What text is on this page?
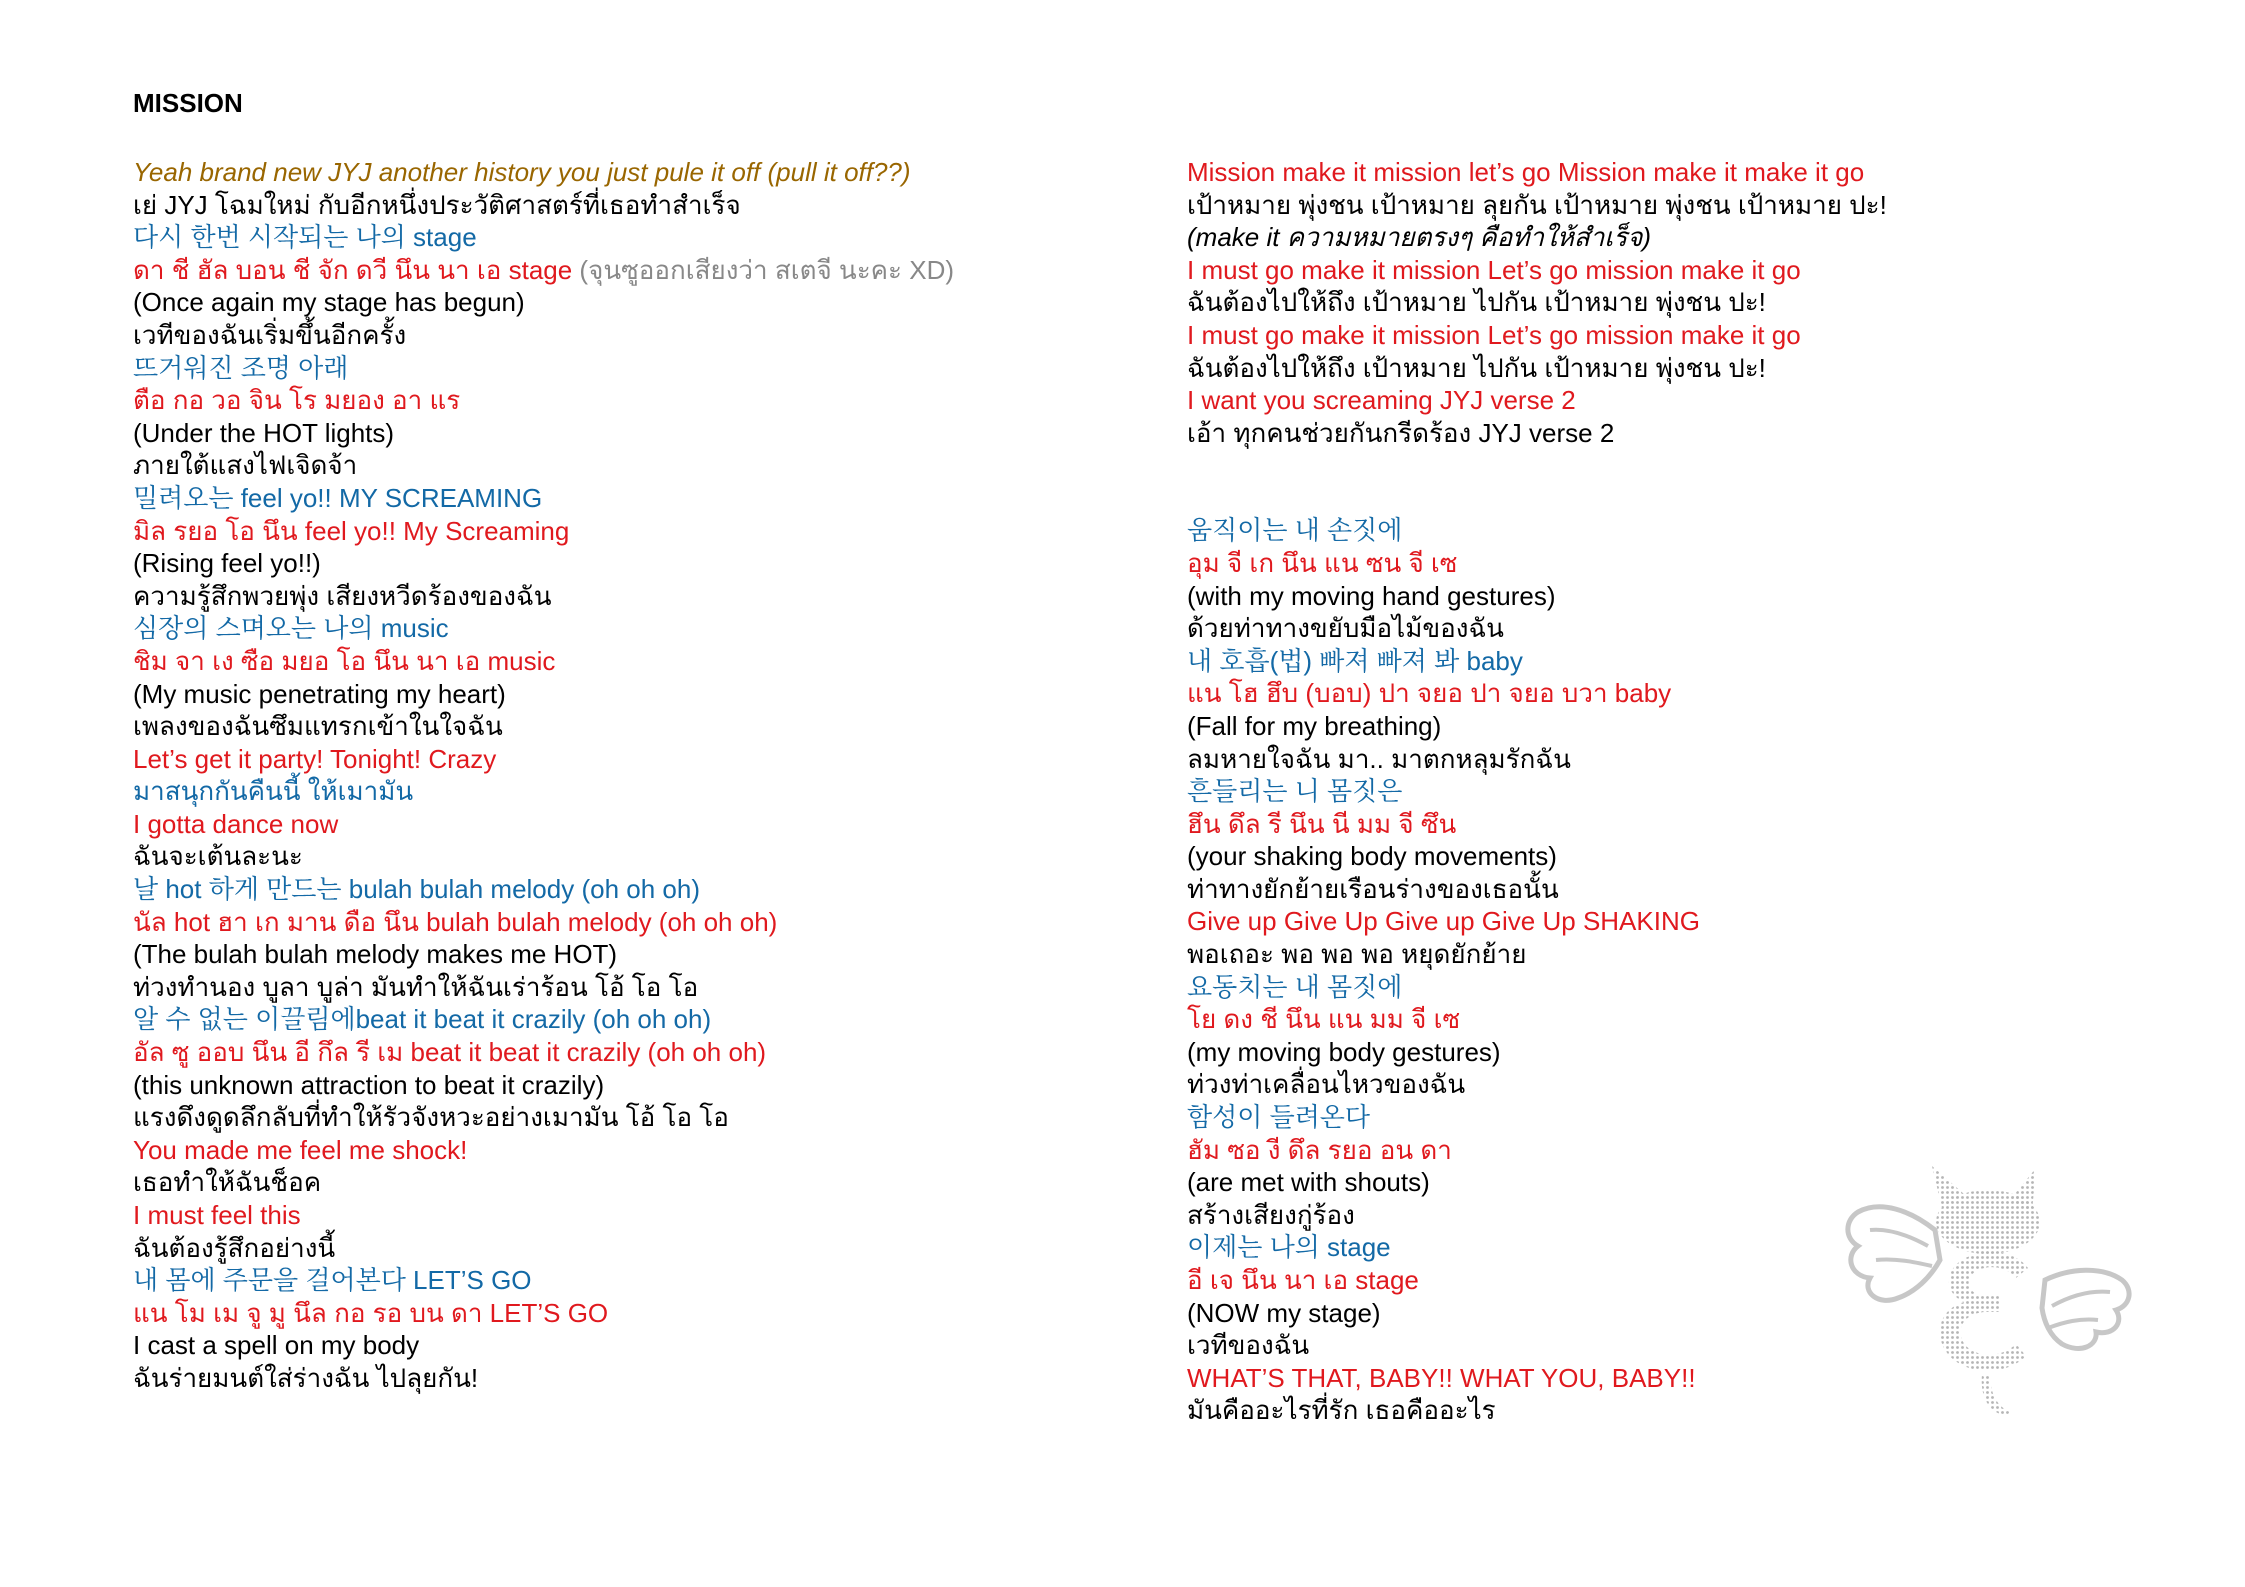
MISSION
Yeah brand new JYJ another history you just pule it off (pull it off??)
เย่ JYJ โฉมใหม่ กับอีกหนึ่งประวัติศาสตร์ที่เธอทำสำเร็จ
다시 한번 시작되는 나의 stage
ดา ชี ฮัล บอน ชี จัก ดวี นึน นา เอ stage (จุนซูออกเสียงว่า สเตจี นะคะ XD)
(Once again my stage has begun)
เวทีของฉันเริ่มขึ้นอีกครั้ง
뜨거워진 조명 아래
ตือ กอ วอ จิน โร มยอง อา แร
(Under the HOT lights)
ภายใต้แสงไฟเจิดจ้า
밀려오는 feel yo!! MY SCREAMING
มิล รยอ โอ นึน feel yo!! My Screaming
(Rising feel yo!!)
ความรู้สึกพวยพุ่ง เสียงหวีดร้องของฉัน
심장의 스며오는 나의 music
ชิม จา เง ซือ มยอ โอ นึน นา เอ music
(My music penetrating my heart)
เพลงของฉันซึมแทรกเข้าในใจฉัน
Let’s get it party! Tonight! Crazy
มาสนุกกันคืนนี้ ให้เมามัน
I gotta dance now
ฉันจะเต้นละนะ
날 hot 하게 만드는 bulah bulah melody (oh oh oh)
นัล hot ฮา เก มาน ดือ นึน bulah bulah melody (oh oh oh)
(The bulah bulah melody makes me HOT)
ท่วงทำนอง บูลา บูล่า มันทำให้ฉันเร่าร้อน โอ้ โอ โอ
알 수 없는 이끌림에beat it beat it crazily (oh oh oh)
อัล ซู ออบ นึน อี กึล รี เม beat it beat it crazily (oh oh oh)
(this unknown attraction to beat it crazily)
แรงดึงดูดลึกลับที่ทำให้รัวจังหวะอย่างเมามัน โอ้ โอ โอ
You made me feel me shock!
เธอทำให้ฉันช็อค
I must feel this
ฉันต้องรู้สึกอย่างนี้
내 몸에 주문을 걸어본다 LET’S GO
แน โม เม จู มู นึล กอ รอ บน ดา LET’S GO
I cast a spell on my body
ฉันร่ายมนต์ใส่ร่างฉัน ไปลุยกัน!
Mission make it mission let’s go Mission make it make it go
เป้าหมาย พุ่งชน เป้าหมาย ลุยกัน เป้าหมาย พุ่งชน เป้าหมาย ปะ!
(make it ความหมายตรงๆ คือทำให้สำเร็จ)
I must go make it mission Let’s go mission make it go
ฉันต้องไปให้ถึง เป้าหมาย ไปกัน เป้าหมาย พุ่งชน ปะ!
I must go make it mission Let’s go mission make it go
ฉันต้องไปให้ถึง เป้าหมาย ไปกัน เป้าหมาย พุ่งชน ปะ!
I want you screaming JYJ verse 2
เอ้า ทุกคนช่วยกันกรีดร้อง JYJ verse 2
움직이는 내 손짓에
อุม จี เก นึน แน ซน จี เซ
(with my moving hand gestures)
ด้วยท่าทางขยับมือไม้ของฉัน
내 호흡(법) 빠져 빠져 봐 baby
แน โฮ ฮึบ (บอบ) ปา จยอ ปา จยอ บวา baby
(Fall for my breathing)
ลมหายใจฉัน มา.. มาตกหลุมรักฉัน
흔들리는 니 몸짓은
ฮึน ดึล รี นึน นี มม จี ซึน
(your shaking body movements)
ท่าทางยักย้ายเรือนร่างของเธอนั้น
Give up Give Up Give up Give Up SHAKING
พอเถอะ พอ พอ พอ หยุดยักย้าย
요동치는 내 몸짓에
โย ดง ชี นึน แน มม จี เซ
(my moving body gestures)
ท่วงท่าเคลื่อนไหวของฉัน
함성이 들려온다
ฮัม ซอ งี ดึล รยอ อน ดา
(are met with shouts)
สร้างเสียงกู่ร้อง
이제는 나의 stage
อี เจ นึน นา เอ stage
(NOW my stage)
เวทีของฉัน
WHAT’S THAT, BABY!! WHAT YOU, BABY!!
มันคืออะไรที่รัก เธอคืออะไร
